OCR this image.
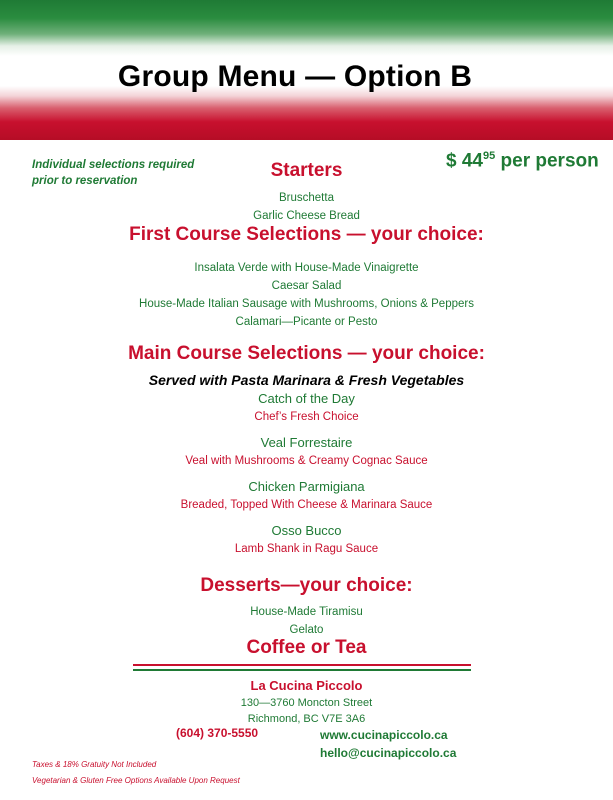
Group Menu — Option B
Individual selections required
prior to reservation
$ $44^{95}$ per person
Starters
Bruschetta
Garlic Cheese Bread
First Course Selections — your choice:
Insalata Verde with House-Made Vinaigrette
Caesar Salad
House-Made Italian Sausage with Mushrooms, Onions & Peppers
Calamari—Picante or Pesto
Main Course Selections — your choice:
Served with Pasta Marinara & Fresh Vegetables
Catch of the Day
Chef’s Fresh Choice
Veal Forrestaire
Veal with Mushrooms & Creamy Cognac Sauce
Chicken Parmigiana
Breaded, Topped With Cheese & Marinara Sauce
Osso Bucco
Lamb Shank in Ragu Sauce
Desserts—your choice:
House-Made Tiramisu
Gelato
Coffee or Tea
La Cucina Piccolo
130—3760 Moncton Street
Richmond, BC V7E 3A6
(604) 370-5550	www.cucinapiccolo.ca
hello@cucinapiccolo.ca
Taxes & 18% Gratuity Not Included
Vegetarian & Gluten Free Options Available Upon Request
